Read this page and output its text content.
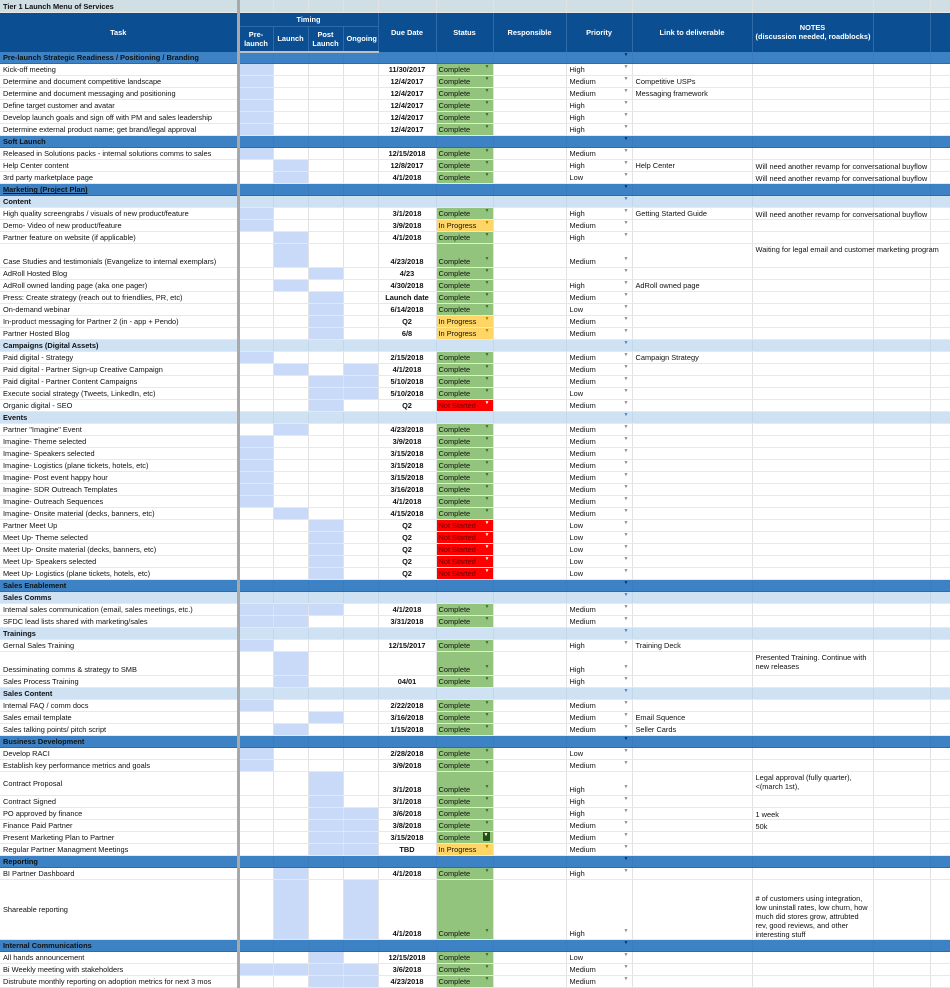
Tier 1 Launch Menu of Services												
Task	Timing				Due Date	Status	Responsible	Priority	Link to deliverable	NOTES
(discussion needed, roadblocks)		
	Pre-
launch	Launch	Post
Launch	Ongoing								
Pre-launch Strategic Readiness / Positioning / Branding								▼				

Kick-off meeting					11/30/2017	Complete ▼		High ▼				

Determine and document competitive landscape					12/4/2017	Complete ▼		Medium ▼	Competitive USPs			
Determine and document messaging and positioning					12/4/2017	Complete ▼		Medium ▼	Messaging framework			
Define target customer and avatar					12/4/2017	Complete ▼		High ▼				

Develop launch goals and sign off with PM and sales leadership					12/4/2017	Complete ▼		High ▼				

Determine external product name; get brand/legal approval					12/4/2017	Complete ▼		High ▼				

Soft Launch								▼				

Released in Solutions packs - internal solutions comms to sales					12/15/2018	Complete ▼		Medium ▼				

Help Center content					12/8/2017	Complete ▼		High ▼	Help Center	Will need another revamp for conversational buyflow		
3rd party marketplace page					4/1/2018	Complete ▼		Low ▼		Will need another revamp for conversational buyflow		
Marketing (Project Plan)								▼				

Content								▼				

High quality screengrabs / visuals of new product/feature					3/1/2018	Complete ▼		High ▼	Getting Started Guide	Will need another revamp for conversational buyflow		
Demo- Video of new product/feature					3/9/2018	In Progress ▼		Medium ▼				

Partner feature on website (if applicable)					4/1/2018	Complete ▼		High ▼				

Case Studies and testimonials (Evangelize to internal exemplars)					4/23/2018	Complete ▼		Medium ▼		Waiting for legal email and customer marketing program		
AdRoll Hosted Blog					4/23	Complete ▼		▼				

AdRoll owned landing page (aka one pager)					4/30/2018	Complete ▼		High ▼	AdRoll owned page			
Press: Create strategy (reach out to friendlies, PR, etc)					Launch date	Complete ▼		Medium ▼				

On-demand webinar					6/14/2018	Complete ▼		Low ▼				

In-product messaging for Partner 2 (in - app + Pendo)					Q2	In Progress ▼		Medium ▼				

Partner Hosted Blog					6/8	In Progress ▼		Medium ▼				

Campaigns (Digital Assets)								▼				

Paid digital - Strategy					2/15/2018	Complete ▼		Medium ▼	Campaign Strategy			
Paid digital - Partner Sign-up Creative Campaign					4/1/2018	Complete ▼		Medium ▼				

Paid digital - Partner Content Campaigns					5/10/2018	Complete ▼		Medium ▼				

Execute social strategy (Tweets, LinkedIn, etc)					5/10/2018	Complete ▼		Low ▼				

Organic digital - SEO					Q2	Not Started ▼		Medium ▼				

Events								▼				

Partner "Imagine" Event					4/23/2018	Complete ▼		Medium ▼				

Imagine- Theme selected					3/9/2018	Complete ▼		Medium ▼				

Imagine- Speakers selected					3/15/2018	Complete ▼		Medium ▼				

Imagine- Logistics (plane tickets, hotels, etc)					3/15/2018	Complete ▼		Medium ▼				

Imagine- Post event happy hour					3/15/2018	Complete ▼		Medium ▼				

Imagine- SDR Outreach Templates					3/16/2018	Complete ▼		Medium ▼				

Imagine- Outreach Sequences					4/1/2018	Complete ▼		Medium ▼				

Imagine- Onsite material (decks, banners, etc)					4/15/2018	Complete ▼		Medium ▼				

Partner Meet Up					Q2	Not Started ▼		Low ▼				

Meet Up- Theme selected					Q2	Not Started ▼		Low ▼				

Meet Up- Onsite material (decks, banners, etc)					Q2	Not Started ▼		Low ▼				

Meet Up- Speakers selected					Q2	Not Started ▼		Low ▼				

Meet Up- Logistics (plane tickets, hotels, etc)					Q2	Not Started ▼		Low ▼				

Sales Enablement								▼				

Sales Comms								▼				

Internal sales communication (email, sales meetings, etc.)					4/1/2018	Complete ▼		Medium ▼				

SFDC lead lists shared with marketing/sales					3/31/2018	Complete ▼		Medium ▼				

Trainings								▼				

Gernal Sales Training					12/15/2017	Complete ▼		High ▼	Training Deck			
Dessiminating comms & strategy to SMB						Complete ▼		High ▼		Presented Training. Continue with new releases		
Sales Process Training					04/01	Complete ▼		High ▼				

Sales Content								▼				

Internal FAQ / comm docs					2/22/2018	Complete ▼		Medium ▼				

Sales email template					3/16/2018	Complete ▼		Medium ▼	Email Squence			
Sales talking points/ pitch script					1/15/2018	Complete ▼		Medium ▼	Seller Cards			
Business Development								▼				

Develop RACI					2/28/2018	Complete ▼		Low ▼				

Establish key performance metrics and goals					3/9/2018	Complete ▼		Medium ▼				

Contract Proposal					3/1/2018	Complete ▼		High ▼		Legal approval (fully quarter), <(march 1st),		
Contract Signed					3/1/2018	Complete ▼		High ▼				

PO approved by finance					3/6/2018	Complete ▼		High ▼		1 week		
Finance Paid Partner					3/8/2018	Complete ▼		Medium ▼		50k		
Present Marketing Plan to Partner					3/15/2018	Complete ▼		Medium ▼				

Regular Partner Managment Meetings					TBD	In Progress ▼		Medium ▼				

Reporting								▼				

BI Partner Dashboard					4/1/2018	Complete ▼		High ▼				

Shareable reporting					4/1/2018	Complete ▼		High ▼		# of customers using integration, low uninstall rates, low churn, how much did stores grow, attrubted rev, good reviews, and other interesting stuff		
Internal Communications								▼				

All hands announcement					12/15/2018	Complete ▼		Low ▼				

Bi Weekly meeting with stakeholders					3/6/2018	Complete ▼		Medium ▼				

Distrubute monthly reporting on adoption metrics for next 3 mos					4/23/2018	Complete ▼		Medium ▼				
